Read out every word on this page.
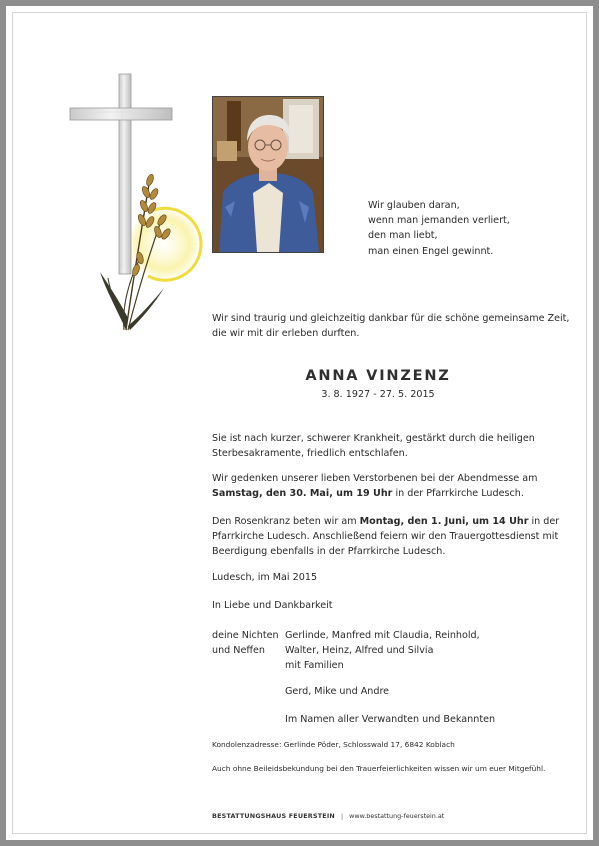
Wir glauben daran,
wenn man jemanden verliert,
den man liebt,
man einen Engel gewinnt.
Wir sind traurig und gleichzeitig dankbar für die schöne gemeinsame Zeit,
die wir mit dir erleben durften.
ANNA VINZENZ
3. 8. 1927 - 27. 5. 2015
Sie ist nach kurzer, schwerer Krankheit, gestärkt durch die heiligen
Sterbesakramente, friedlich entschlafen.
Wir gedenken unserer lieben Verstorbenen bei der Abendmesse am
Samstag, den 30. Mai, um 19 Uhr in der Pfarrkirche Ludesch.
Den Rosenkranz beten wir am Montag, den 1. Juni, um 14 Uhr in der
Pfarrkirche Ludesch. Anschließend feiern wir den Trauergottesdienst mit
Beerdigung ebenfalls in der Pfarrkirche Ludesch.
Ludesch, im Mai 2015
In Liebe und Dankbarkeit
deine Nichten
und Neffen
Gerlinde, Manfred mit Claudia, Reinhold,
Walter, Heinz, Alfred und Silvia
mit Familien
Gerd, Mike und Andre
Im Namen aller Verwandten und Bekannten
Kondolenzadresse: Gerlinde Pöder, Schlosswald 17, 6842 Koblach
Auch ohne Beileidsbekundung bei den Trauerfeierlichkeiten wissen wir um euer Mitgefühl.
BESTATTUNGSHAUS FEUERSTEIN | www.bestattung-feuerstein.at
